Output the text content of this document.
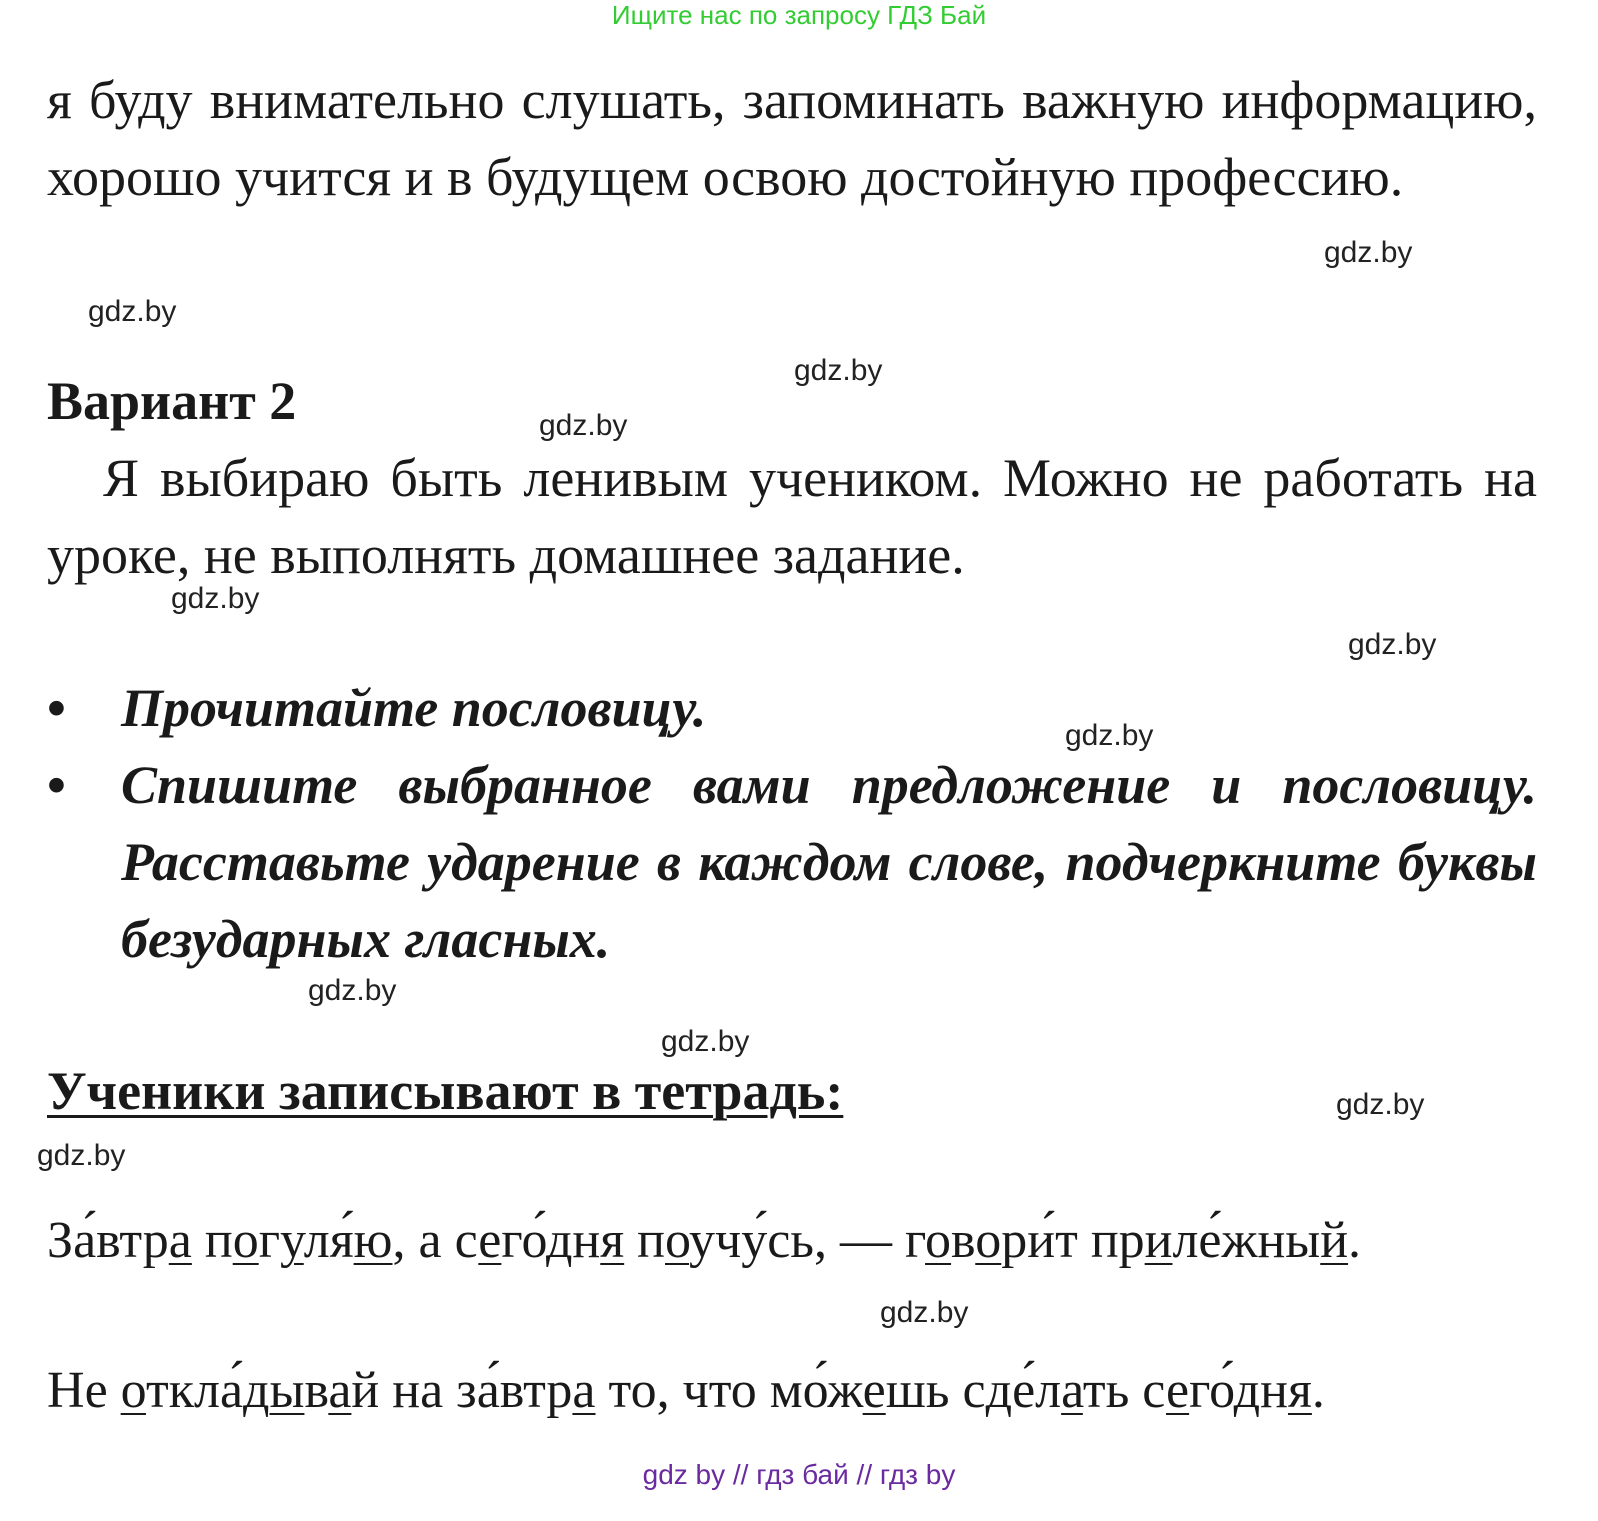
Ищите нас по запросу ГДЗ Бай
я буду внимательно слушать, запоминать важную информацию, хорошо учится и в будущем освою достойную профессию.
Вариант 2
Я выбираю быть ленивым учеником. Можно не работать на уроке, не выполнять домашнее задание.
•	Прочитайте пословицу.
•	Спишите выбранное вами предложение и пословицу. Расставьте ударение в каждом слове, подчеркните буквы безударных гласных.
Ученики записывают в тетрадь:
Завтра погуляю, а сегодня поучусь, — говорит прилежный.
Не откладывай на завтра то, что можешь сделать сегодня.
gdz.by
gdz.by
gdz.by
gdz.by
gdz.by
gdz.by
gdz.by
gdz.by
gdz.by
gdz.by
gdz.by
gdz.by
gdz by // гдз бай // гдз by
